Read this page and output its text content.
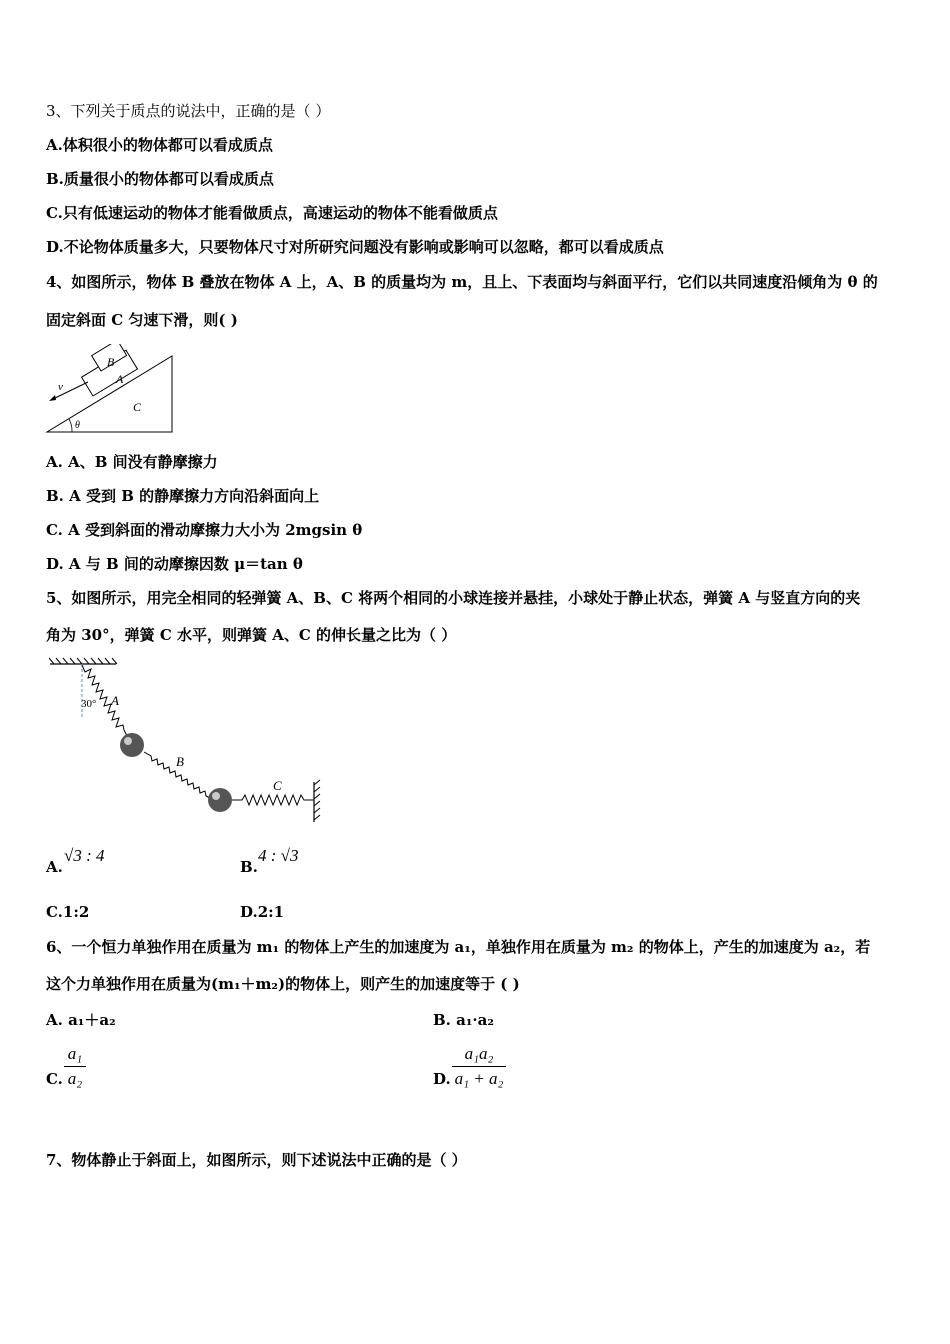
3、下列关于质点的说法中，正确的是（ ）
A.体积很小的物体都可以看成质点
B.质量很小的物体都可以看成质点
C.只有低速运动的物体才能看做质点，高速运动的物体不能看做质点
D.不论物体质量多大，只要物体尺寸对所研究问题没有影响或影响可以忽略，都可以看成质点
4、如图所示，物体 B 叠放在物体 A 上，A、B 的质量均为 m，且上、下表面均与斜面平行，它们以共同速度沿倾角为 θ 的
固定斜面 C 匀速下滑，则( )
B
A
C
v
θ
A. A、B 间没有静摩擦力
B. A 受到 B 的静摩擦力方向沿斜面向上
C. A 受到斜面的滑动摩擦力大小为 2mgsin θ
D. A 与 B 间的动摩擦因数 μ＝tan θ
5、如图所示，用完全相同的轻弹簧 A、B、C 将两个相同的小球连接并悬挂，小球处于静止状态，弹簧 A 与竖直方向的夹
角为 30°，弹簧 C 水平，则弹簧 A、C 的伸长量之比为（ ）
A
B
C
30°
A.
√3 : 4
B.
4 : √3
C.1:2	D.2:1
6、一个恒力单独作用在质量为 m₁ 的物体上产生的加速度为 a₁，单独作用在质量为 m₂ 的物体上，产生的加速度为 a₂，若
这个力单独作用在质量为(m₁＋m₂)的物体上，则产生的加速度等于 ( )
A. a₁＋a₂	B. a₁·a₂
C.
a₁
a₂	D.
a₁a₂
a₁ + a₂
7、物体静止于斜面上，如图所示，则下述说法中正确的是（ ）
